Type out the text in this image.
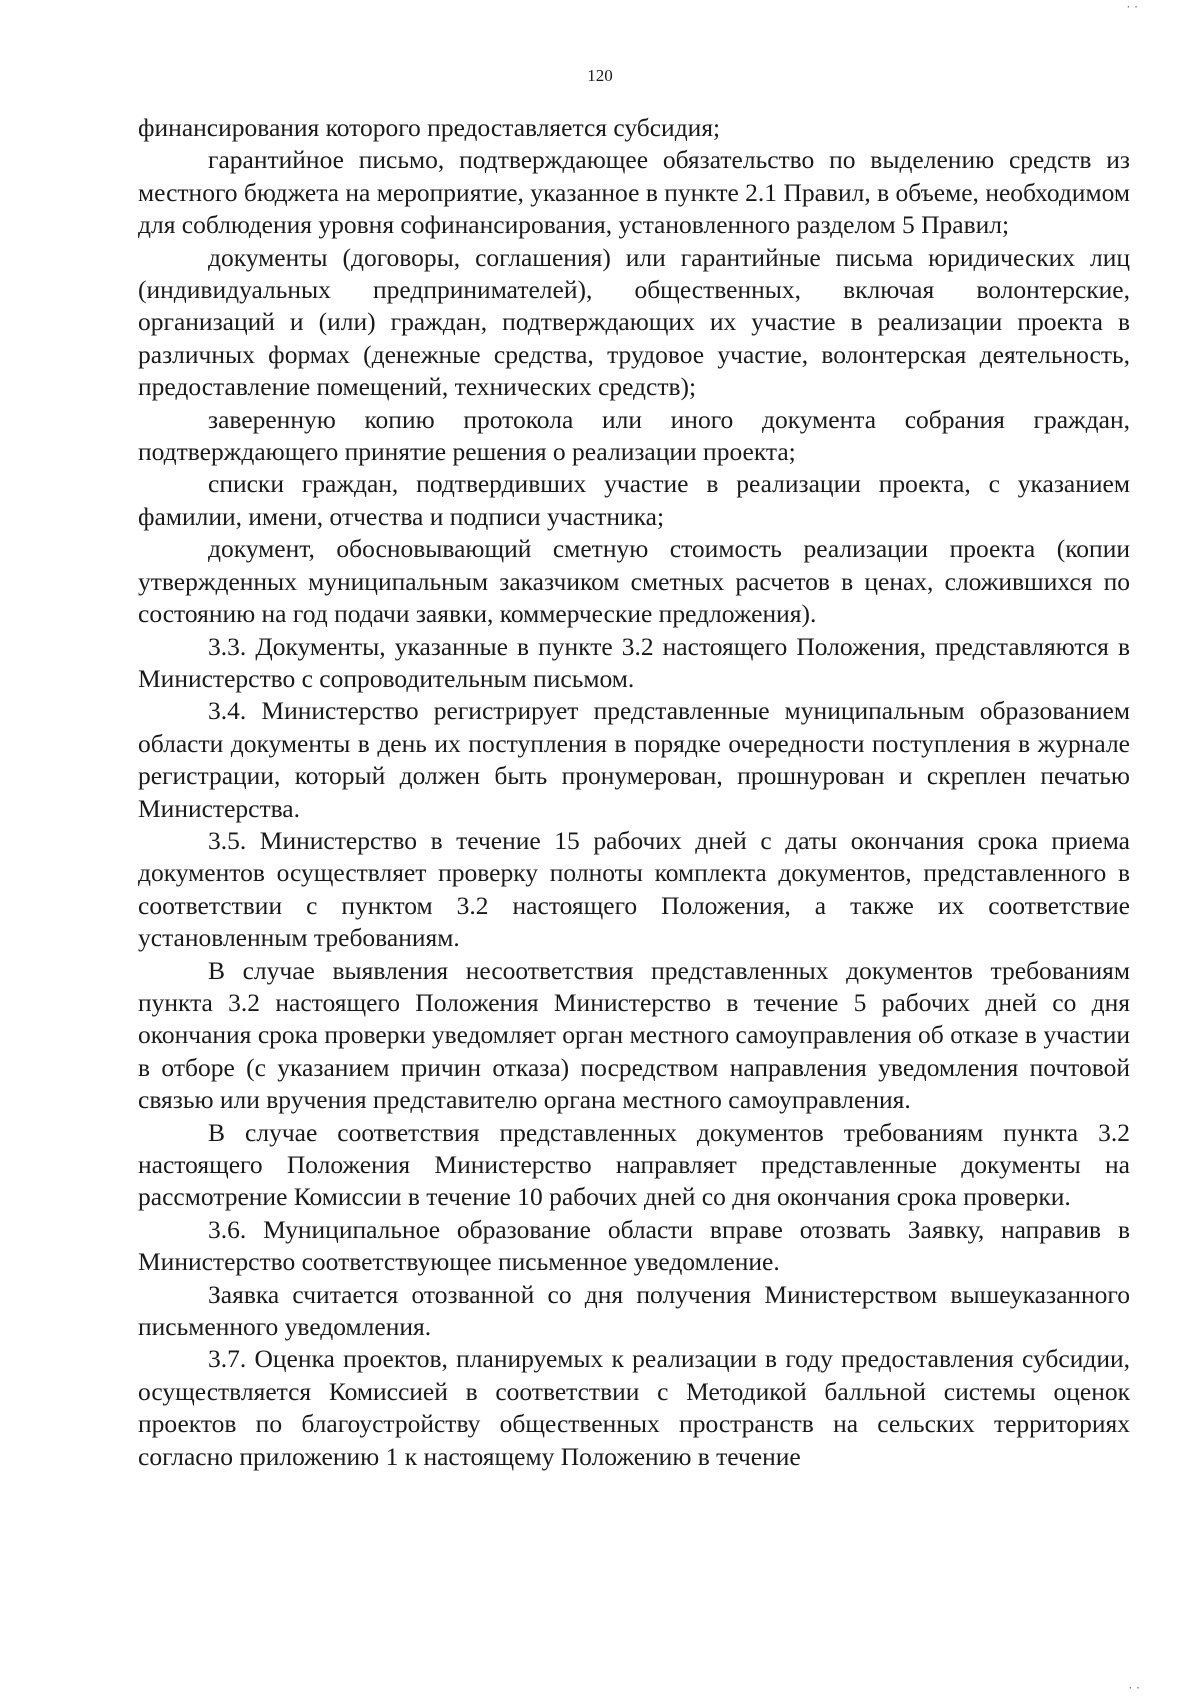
· ·
120

финансирования которого предоставляется субсидия;

гарантийное письмо, подтверждающее обязательство по выделению средств из местного бюджета на мероприятие, указанное в пункте 2.1 Правил, в объеме, необходимом для соблюдения уровня софинансирования, установленного разделом 5 Правил;

документы (договоры, соглашения) или гарантийные письма юридических лиц (индивидуальных предпринимателей), общественных, включая волонтерские, организаций и (или) граждан, подтверждающих их участие в реализации проекта в различных формах (денежные средства, трудовое участие, волонтерская деятельность, предоставление помещений, технических средств);

заверенную копию протокола или иного документа собрания граждан, подтверждающего принятие решения о реализации проекта;

списки граждан, подтвердивших участие в реализации проекта, с указанием фамилии, имени, отчества и подписи участника;

документ, обосновывающий сметную стоимость реализации проекта (копии утвержденных муниципальным заказчиком сметных расчетов в ценах, сложившихся по состоянию на год подачи заявки, коммерческие предложения).

3.3. Документы, указанные в пункте 3.2 настоящего Положения, представляются в Министерство с сопроводительным письмом.

3.4. Министерство регистрирует представленные муниципальным образованием области документы в день их поступления в порядке очередности поступления в журнале регистрации, который должен быть пронумерован, прошнурован и скреплен печатью Министерства.

3.5. Министерство в течение 15 рабочих дней с даты окончания срока приема документов осуществляет проверку полноты комплекта документов, представленного в соответствии с пунктом 3.2 настоящего Положения, а также их соответствие установленным требованиям.

В случае выявления несоответствия представленных документов требованиям пункта 3.2 настоящего Положения Министерство в течение 5 рабочих дней со дня окончания срока проверки уведомляет орган местного самоуправления об отказе в участии в отборе (с указанием причин отказа) посредством направления уведомления почтовой связью или вручения представителю органа местного самоуправления.

В случае соответствия представленных документов требованиям пункта 3.2 настоящего Положения Министерство направляет представленные документы на рассмотрение Комиссии в течение 10 рабочих дней со дня окончания срока проверки.

3.6. Муниципальное образование области вправе отозвать Заявку, направив в Министерство соответствующее письменное уведомление.

Заявка считается отозванной со дня получения Министерством вышеуказанного письменного уведомления.

3.7. Оценка проектов, планируемых к реализации в году предоставления субсидии, осуществляется Комиссией в соответствии с Методикой балльной системы оценок проектов по благоустройству общественных пространств на сельских территориях согласно приложению 1 к настоящему Положению в течение

· ·
